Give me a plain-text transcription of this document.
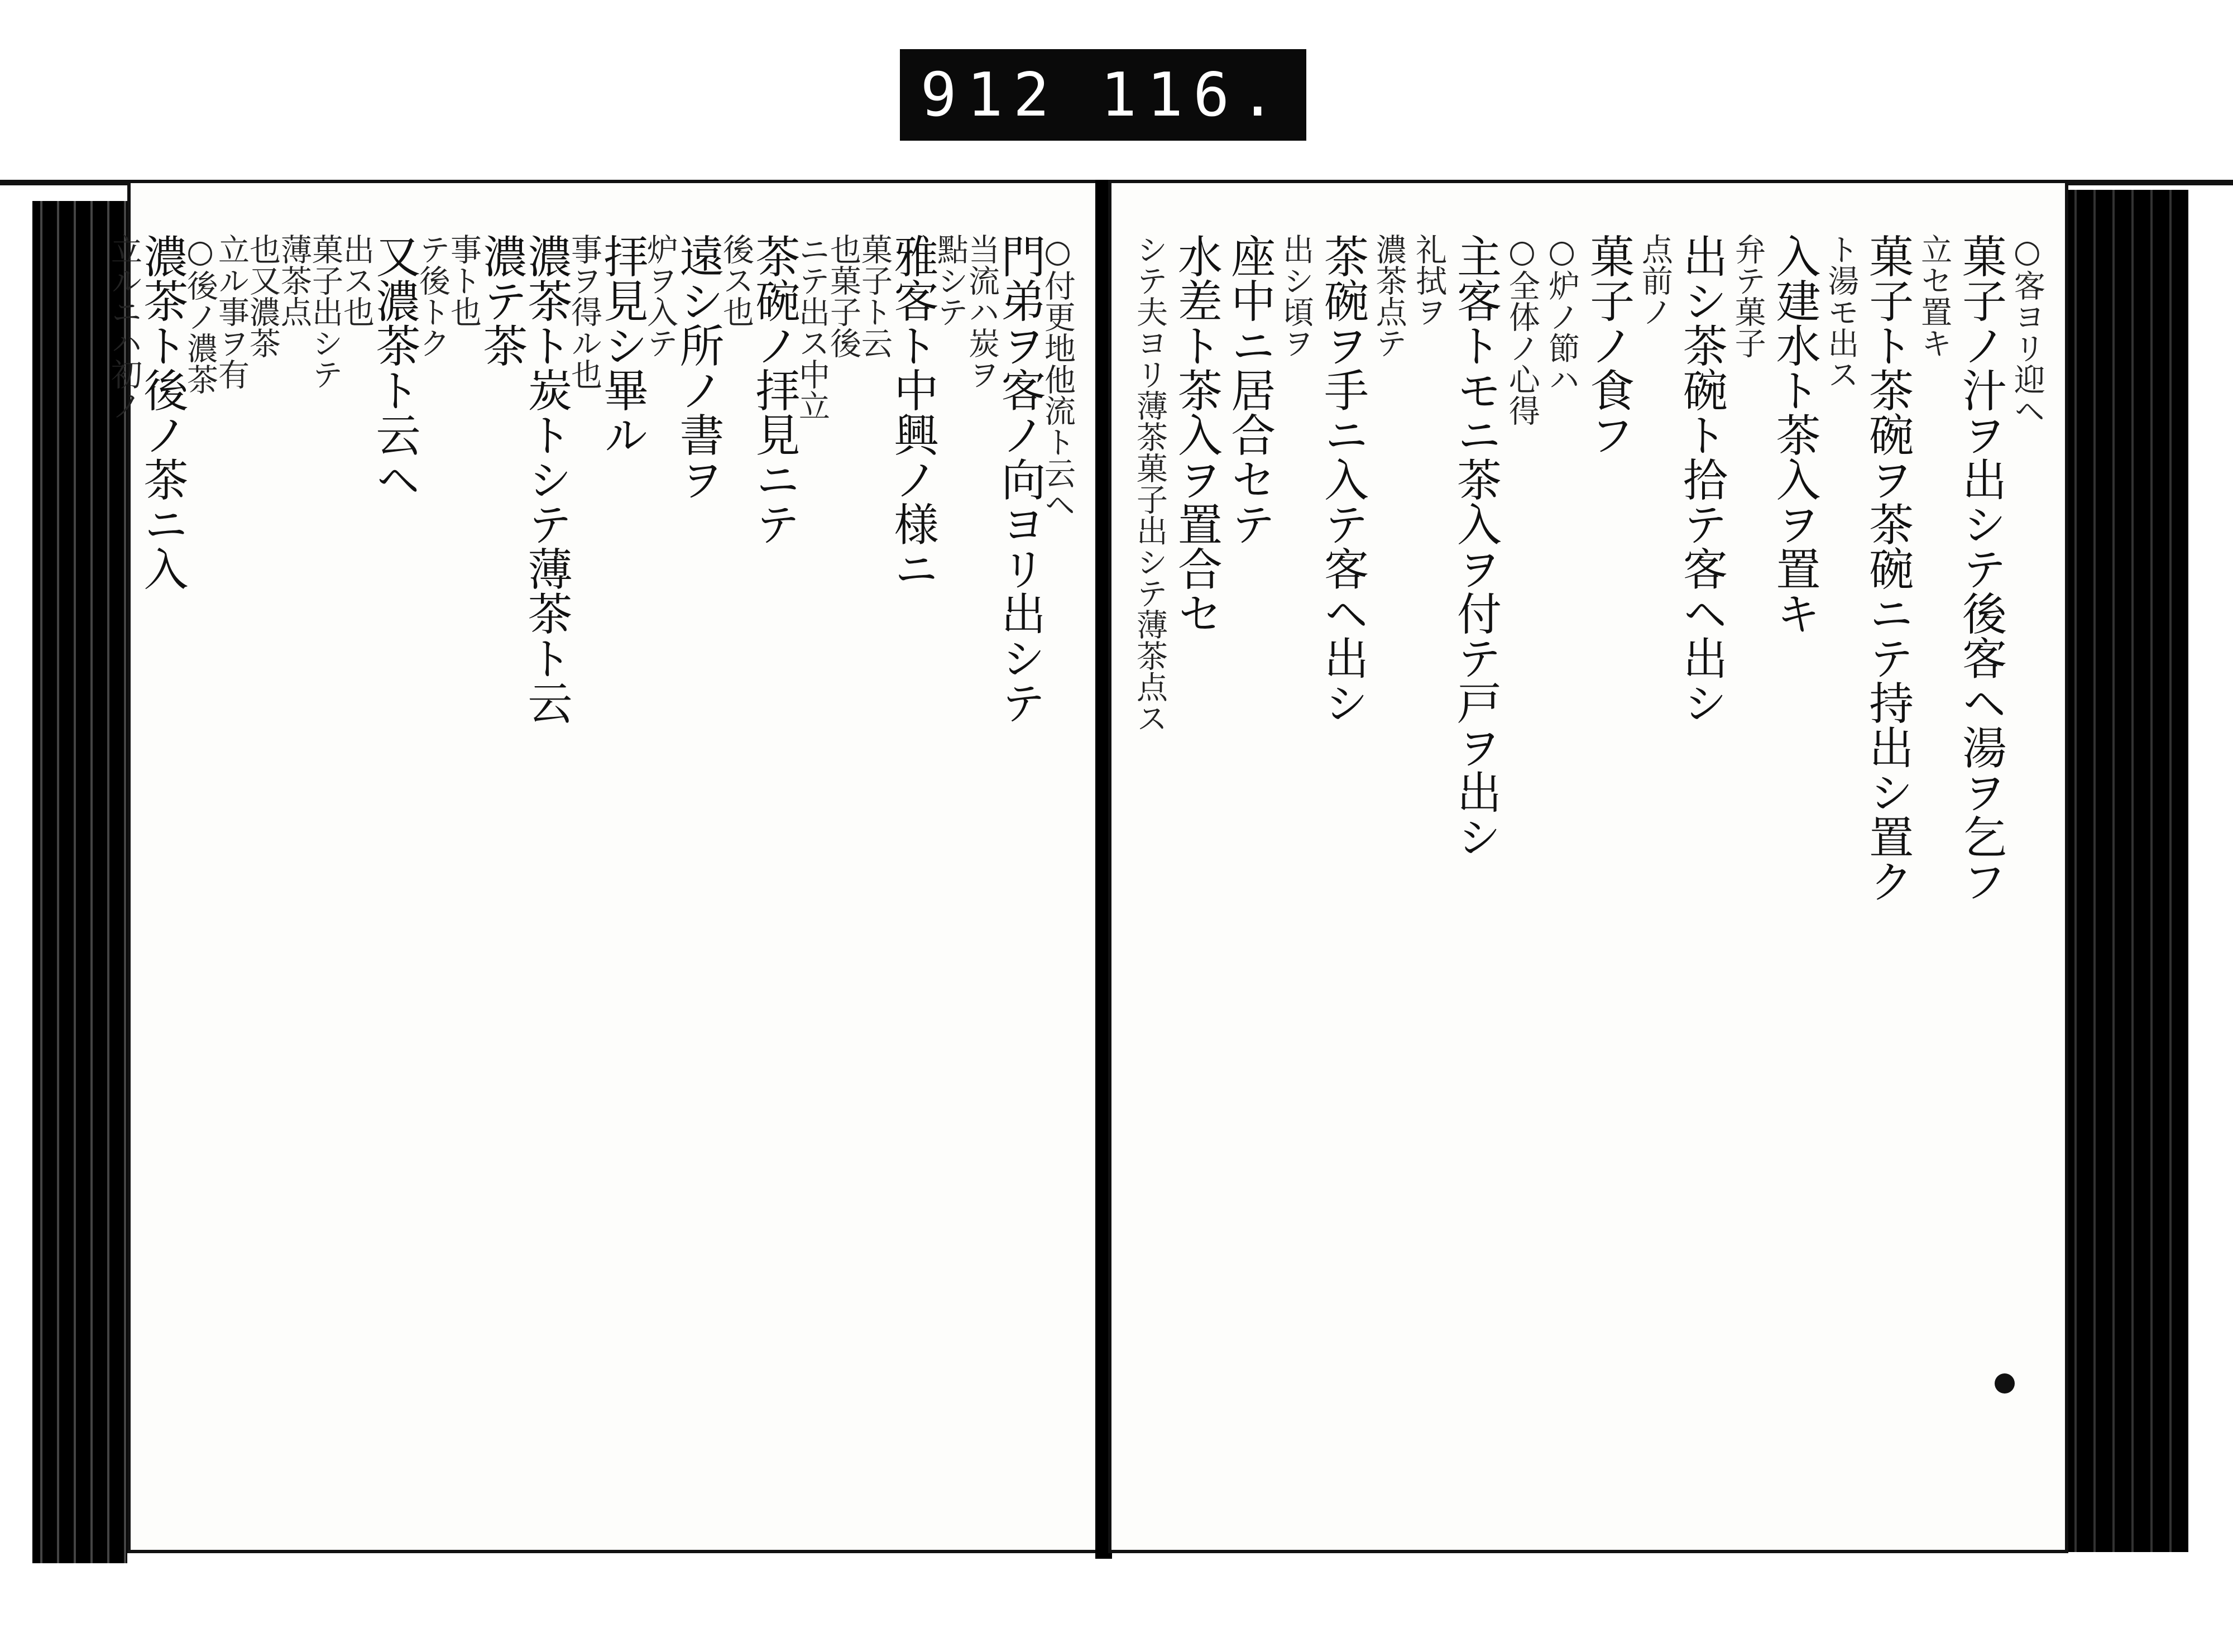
912 116.
○付更地他流ト云ヘ
門弟ヲ客ノ向ヨリ出シテ
当流ハ炭ヲ
點シテ
雅客ト中興ノ様ニ
菓子ト云
也菓子後
ニテ出ス中立
茶碗ノ拝見ニテ
後ス也
遠シ所ノ書ヲ
炉ヲ入テ
拝見シ畢ル
事ヲ得ル也
濃茶ト炭トシテ薄茶ト云
濃テ茶
事ト也
テ後トク
又濃茶ト云ヘ
出ス也
菓子出シテ
薄茶点
也又濃茶
立ル事ヲ有
○後ノ濃茶
濃茶ト後ノ茶ニ入
立ルニハ初ノ	○客ヨリ迎ヘ
菓子ノ汁ヲ出シテ後客ヘ湯ヲ乞フ
立セ置キ
菓子ト茶碗ヲ茶碗ニテ持出シ置ク
ト湯モ出ス
入建水ト茶入ヲ置キ
弁テ菓子
出シ茶碗ト拾テ客ヘ出シ
点前ノ
菓子ノ食フ
○炉ノ節ハ
○全体ノ心得
主客トモニ茶入ヲ付テ戸ヲ出シ
礼拭ヲ
濃茶点テ
茶碗ヲ手ニ入テ客ヘ出シ
出シ頃ヲ
座中ニ居合セテ
水差ト茶入ヲ置合セ
シテ夫ヨリ薄茶菓子出シテ薄茶点ス
